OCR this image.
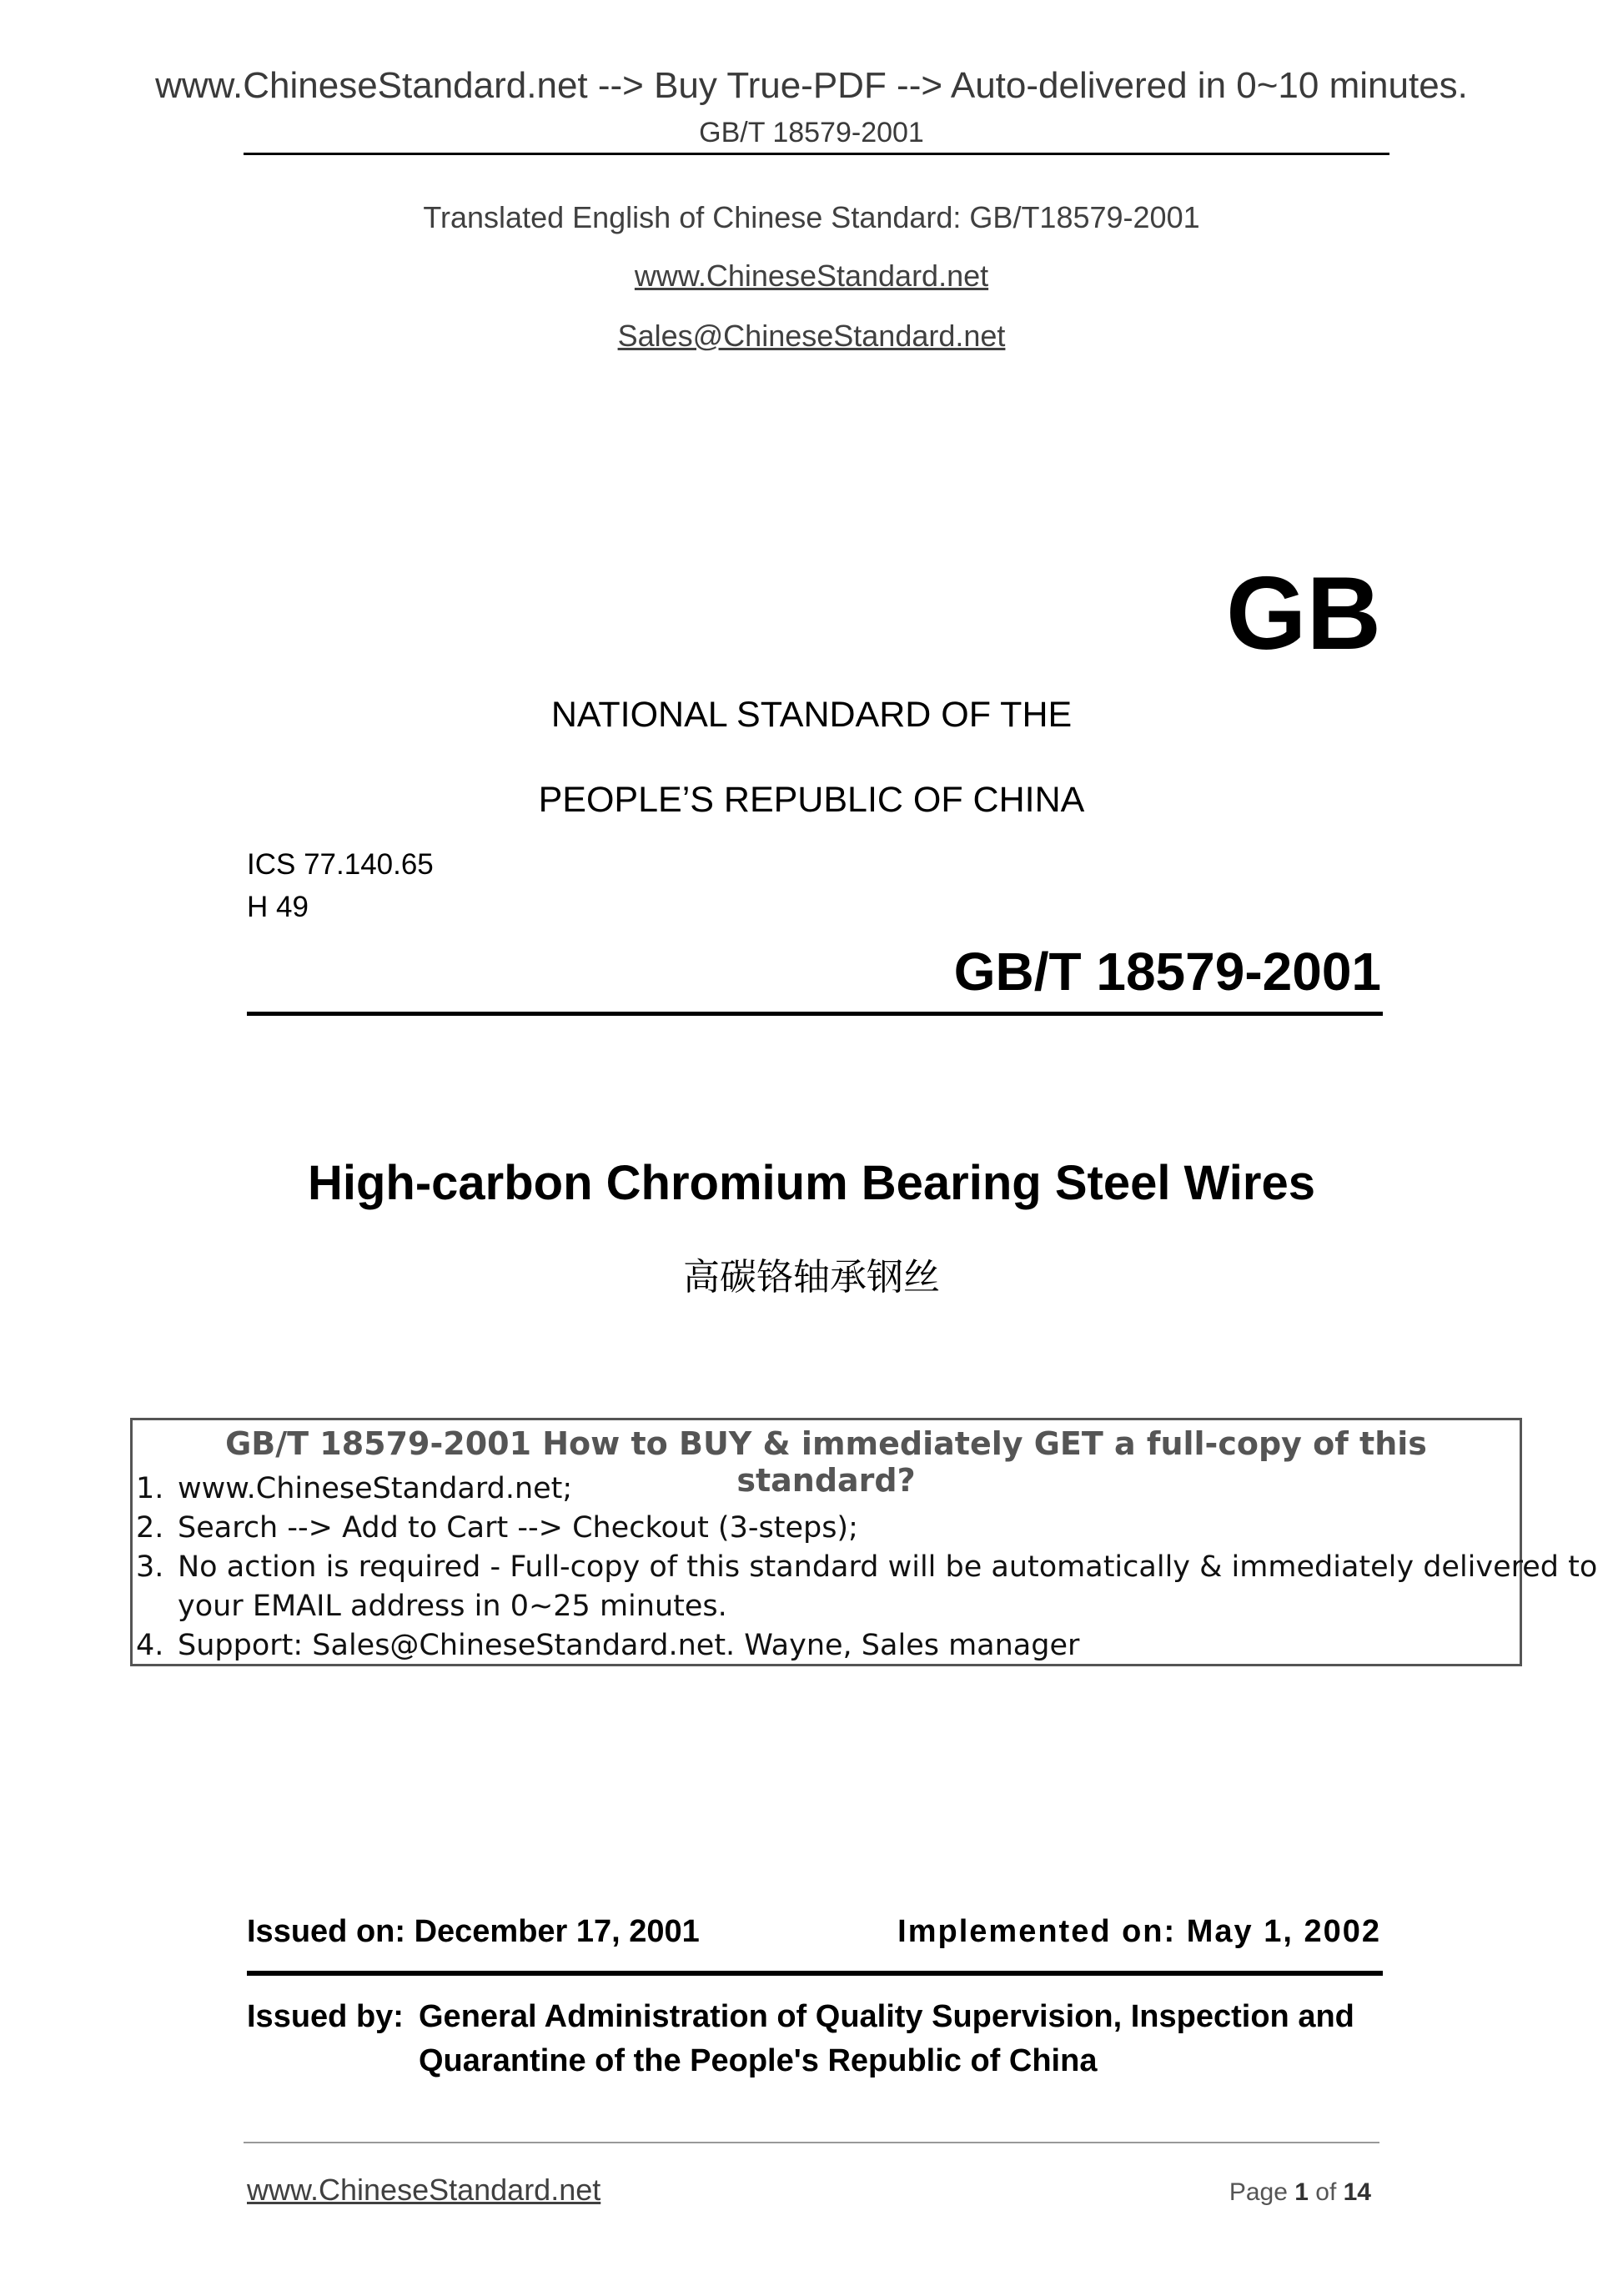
www.ChineseStandard.net --> Buy True-PDF --> Auto-delivered in 0~10 minutes.
GB/T 18579-2001
Translated English of Chinese Standard: GB/T18579-2001
www.ChineseStandard.net
Sales@ChineseStandard.net
GB
NATIONAL STANDARD OF THE
PEOPLE’S REPUBLIC OF CHINA
ICS 77.140.65
H 49
GB/T 18579-2001
High-carbon Chromium Bearing Steel Wires
高碳铬轴承钢丝
GB/T 18579-2001 How to BUY & immediately GET a full-copy of this standard?
1. www.ChineseStandard.net;
2. Search --> Add to Cart --> Checkout (3-steps);
3. No action is required - Full-copy of this standard will be automatically & immediately delivered to
your EMAIL address in 0~25 minutes.
4. Support: Sales@ChineseStandard.net. Wayne, Sales manager
Issued on: December 17, 2001	Implemented on: May 1, 2002
Issued by: General Administration of Quality Supervision, Inspection and
Quarantine of the People's Republic of China
www.ChineseStandard.net	Page 1 of 14
